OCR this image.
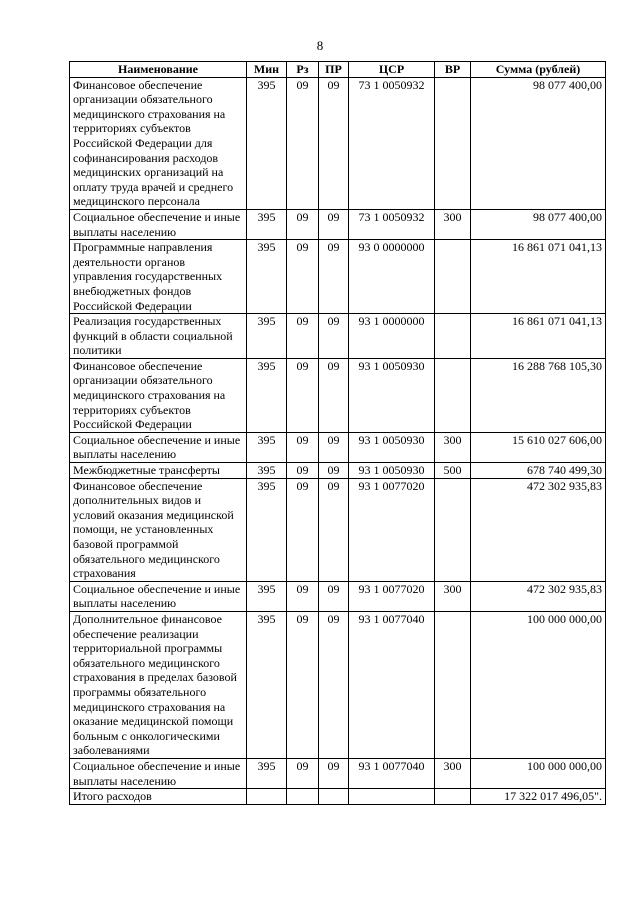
8
Наименование	Мин	Рз	ПР	ЦСР	ВР	Сумма (рублей)
Финансовое обеспечение организации обязательного медицинского страхования на территориях субъектов Российской Федерации для софинансирования расходов медицинских организаций на оплату труда врачей и среднего медицинского персонала	395	09	09	73 1 0050932		98 077 400,00
Социальное обеспечение и иные выплаты населению	395	09	09	73 1 0050932	300	98 077 400,00
Программные направления деятельности органов управления государственных внебюджетных фондов Российской Федерации	395	09	09	93 0 0000000		16 861 071 041,13
Реализация государственных функций в области социальной политики	395	09	09	93 1 0000000		16 861 071 041,13
Финансовое обеспечение организации обязательного медицинского страхования на территориях субъектов Российской Федерации	395	09	09	93 1 0050930		16 288 768 105,30
Социальное обеспечение и иные выплаты населению	395	09	09	93 1 0050930	300	15 610 027 606,00
Межбюджетные трансферты	395	09	09	93 1 0050930	500	678 740 499,30
Финансовое обеспечение дополнительных видов и условий оказания медицинской помощи, не установленных базовой программой обязательного медицинского страхования	395	09	09	93 1 0077020		472 302 935,83
Социальное обеспечение и иные выплаты населению	395	09	09	93 1 0077020	300	472 302 935,83
Дополнительное финансовое обеспечение реализации территориальной программы обязательного медицинского страхования в пределах базовой программы обязательного медицинского страхования на оказание медицинской помощи больным с онкологическими заболеваниями	395	09	09	93 1 0077040		100 000 000,00
Социальное обеспечение и иные выплаты населению	395	09	09	93 1 0077040	300	100 000 000,00
Итого расходов						17 322 017 496,05".
